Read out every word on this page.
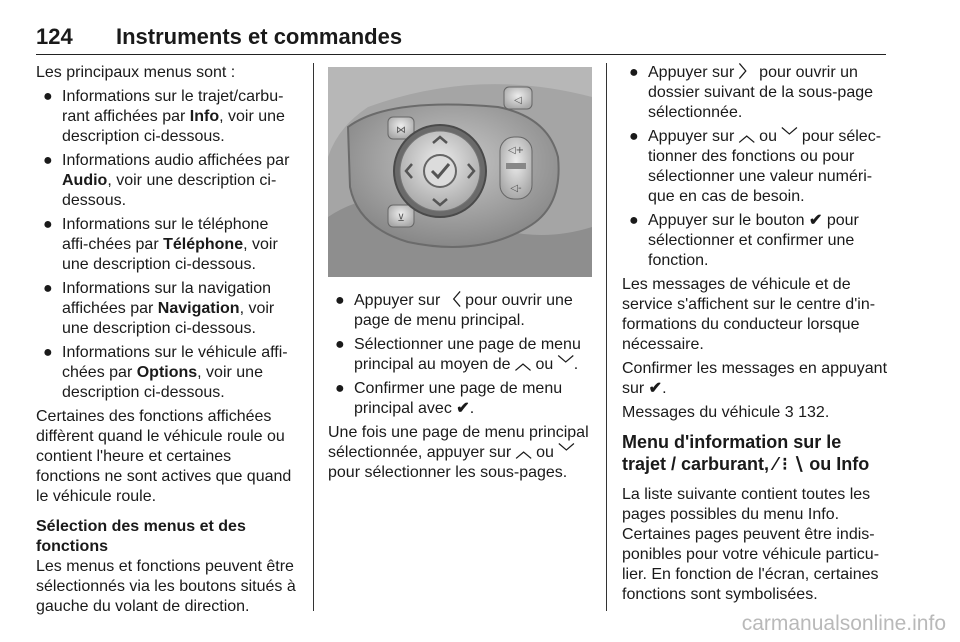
124 Instruments et commandes

Les principaux menus sont :

● Informations sur le trajet/carbu-rant affichées par Info, voir une description ci-dessous.
● Informations audio affichées par Audio, voir une description ci-dessous.
● Informations sur le téléphone affi-chées par Téléphone, voir une description ci-dessous.
● Informations sur la navigation affichées par Navigation, voir une description ci-dessous.
● Informations sur le véhicule affi-chées par Options, voir une description ci-dessous.

Certaines des fonctions affichées diffèrent quand le véhicule roule ou contient l'heure et certaines fonctions ne sont actives que quand le véhicule roule.

Sélection des menus et des fonctions

Les menus et fonctions peuvent être sélectionnés via les boutons situés à gauche du volant de direction.

⋈
⊻
◁+
◁-
◁
● Appuyer sur 〈 pour ouvrir une page de menu principal.
● Sélectionner une page de menu principal au moyen de ︿ ou ﹀.
● Confirmer une page de menu principal avec ✔.

Une fois une page de menu principal sélectionnée, appuyer sur ︿ ou ﹀ pour sélectionner les sous-pages.

● Appuyer sur 〉 pour ouvrir un dossier suivant de la sous-page sélectionnée.
● Appuyer sur ︿ ou ﹀ pour sélec-tionner des fonctions ou pour sélectionner une valeur numéri-que en cas de besoin.
● Appuyer sur le bouton ✔ pour sélectionner et confirmer une fonction.

Les messages de véhicule et de service s'affichent sur le centre d'in-formations du conducteur lorsque nécessaire.

Confirmer les messages en appuyant sur ✔.

Messages du véhicule 3 132.

Menu d'information sur le trajet / carburant, ⁄ ⁝ ∖ ou Info

La liste suivante contient toutes les pages possibles du menu Info. Certaines pages peuvent être indis-ponibles pour votre véhicule particu-lier. En fonction de l'écran, certaines fonctions sont symbolisées.

carmanualsonline.info
